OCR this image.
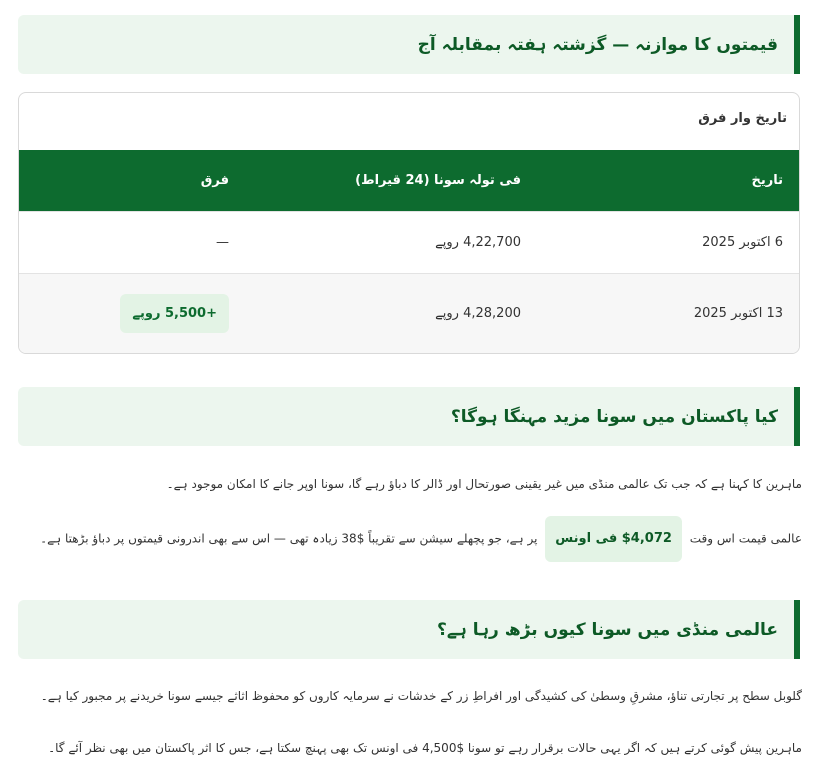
قیمتوں کا موازنہ — گزشتہ ہفتہ بمقابلہ آج
تاریخ وار فرق
تاریخ	فی تولہ سونا (24 قیراط)	فرق
6 اکتوبر 2025	4,22,700 روپے	—
13 اکتوبر 2025	4,28,200 روپے	+5,500 روپے
کیا پاکستان میں سونا مزید مہنگا ہوگا؟
ماہرین کا کہنا ہے کہ جب تک عالمی منڈی میں غیر یقینی صورتحال اور ڈالر کا دباؤ رہے گا، سونا اوپر جانے کا امکان موجود ہے۔
عالمی قیمت اس وقت $4,072 فی اونس پر ہے، جو پچھلے سیشن سے تقریباً $38 زیادہ تھی — اس سے بھی اندرونی قیمتوں پر دباؤ بڑھتا ہے۔
عالمی منڈی میں سونا کیوں بڑھ رہا ہے؟
گلوبل سطح پر تجارتی تناؤ، مشرقِ وسطیٰ کی کشیدگی اور افراطِ زر کے خدشات نے سرمایہ کاروں کو محفوظ اثاثے جیسے سونا خریدنے پر مجبور کیا ہے۔
ماہرین پیش گوئی کرتے ہیں کہ اگر یہی حالات برقرار رہے تو سونا $4,500 فی اونس تک بھی پہنچ سکتا ہے، جس کا اثر پاکستان میں بھی نظر آئے گا۔
